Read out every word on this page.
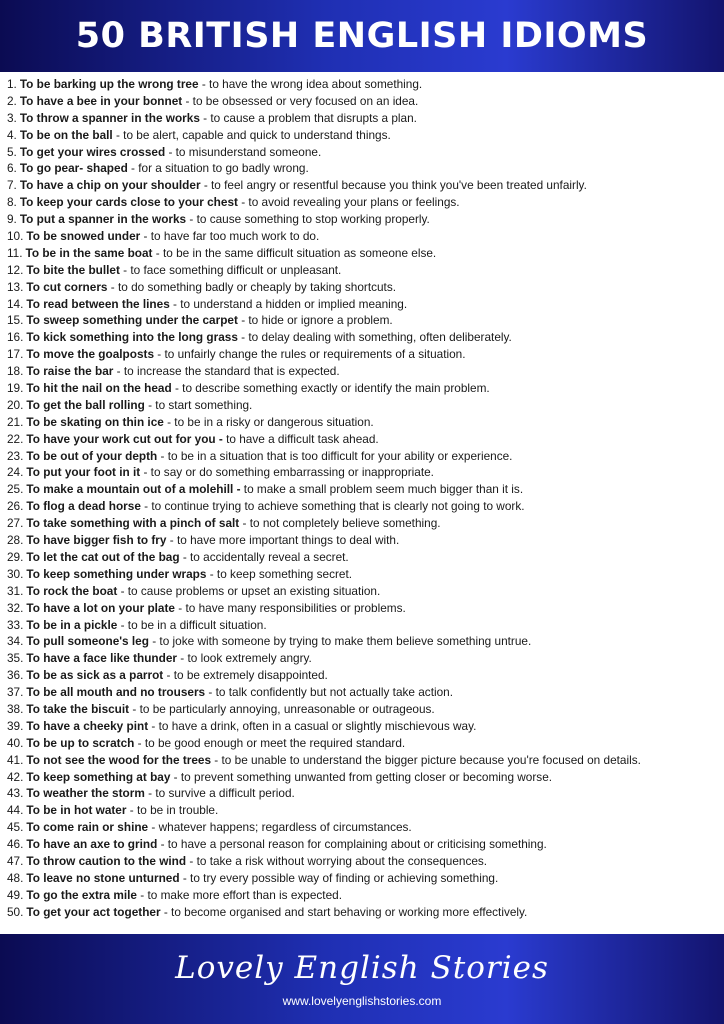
50 BRITISH ENGLISH IDIOMS
1. To be barking up the wrong tree - to have the wrong idea about something.
2. To have a bee in your bonnet - to be obsessed or very focused on an idea.
3. To throw a spanner in the works - to cause a problem that disrupts a plan.
4. To be on the ball - to be alert, capable and quick to understand things.
5. To get your wires crossed - to misunderstand someone.
6. To go pear- shaped - for a situation to go badly wrong.
7. To have a chip on your shoulder - to feel angry or resentful because you think you've been treated unfairly.
8. To keep your cards close to your chest - to avoid revealing your plans or feelings.
9. To put a spanner in the works - to cause something to stop working properly.
10. To be snowed under - to have far too much work to do.
11. To be in the same boat - to be in the same difficult situation as someone else.
12. To bite the bullet - to face something difficult or unpleasant.
13. To cut corners - to do something badly or cheaply by taking shortcuts.
14. To read between the lines - to understand a hidden or implied meaning.
15. To sweep something under the carpet - to hide or ignore a problem.
16. To kick something into the long grass - to delay dealing with something, often deliberately.
17. To move the goalposts - to unfairly change the rules or requirements of a situation.
18. To raise the bar - to increase the standard that is expected.
19. To hit the nail on the head - to describe something exactly or identify the main problem.
20. To get the ball rolling - to start something.
21. To be skating on thin ice - to be in a risky or dangerous situation.
22. To have your work cut out for you - to have a difficult task ahead.
23. To be out of your depth - to be in a situation that is too difficult for your ability or experience.
24. To put your foot in it - to say or do something embarrassing or inappropriate.
25. To make a mountain out of a molehill - to make a small problem seem much bigger than it is.
26. To flog a dead horse - to continue trying to achieve something that is clearly not going to work.
27. To take something with a pinch of salt - to not completely believe something.
28. To have bigger fish to fry - to have more important things to deal with.
29. To let the cat out of the bag - to accidentally reveal a secret.
30. To keep something under wraps - to keep something secret.
31. To rock the boat - to cause problems or upset an existing situation.
32. To have a lot on your plate - to have many responsibilities or problems.
33. To be in a pickle - to be in a difficult situation.
34. To pull someone's leg - to joke with someone by trying to make them believe something untrue.
35. To have a face like thunder - to look extremely angry.
36. To be as sick as a parrot - to be extremely disappointed.
37. To be all mouth and no trousers - to talk confidently but not actually take action.
38. To take the biscuit - to be particularly annoying, unreasonable or outrageous.
39. To have a cheeky pint - to have a drink, often in a casual or slightly mischievous way.
40. To be up to scratch - to be good enough or meet the required standard.
41. To not see the wood for the trees - to be unable to understand the bigger picture because you're focused on details.
42. To keep something at bay - to prevent something unwanted from getting closer or becoming worse.
43. To weather the storm - to survive a difficult period.
44. To be in hot water - to be in trouble.
45. To come rain or shine - whatever happens; regardless of circumstances.
46. To have an axe to grind - to have a personal reason for complaining about or criticising something.
47. To throw caution to the wind - to take a risk without worrying about the consequences.
48. To leave no stone unturned - to try every possible way of finding or achieving something.
49. To go the extra mile - to make more effort than is expected.
50. To get your act together - to become organised and start behaving or working more effectively.
Lovely English Stories
www.lovelyenglishstories.com
